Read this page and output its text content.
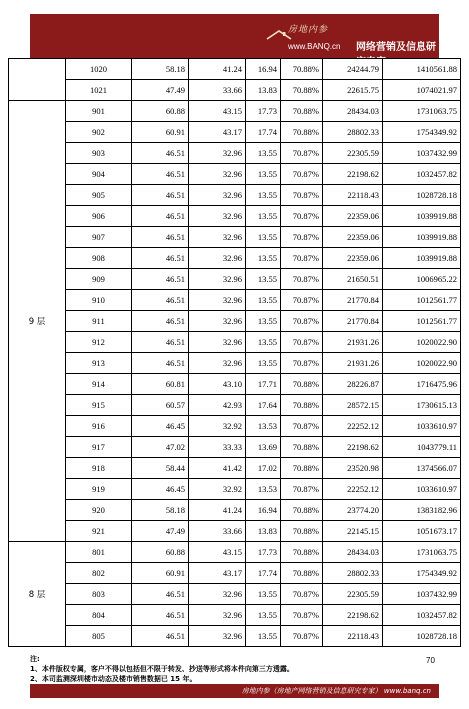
房地内参
www.BANQ.cn 网络营销及信息研究专家
	1020	58.18	41.24	16.94	70.88%	24244.79	1410561.88
	1021	47.49	33.66	13.83	70.88%	22615.75	1074021.97
9 层	901	60.88	43.15	17.73	70.88%	28434.03	1731063.75
	902	60.91	43.17	17.74	70.88%	28802.33	1754349.92
	903	46.51	32.96	13.55	70.87%	22305.59	1037432.99
	904	46.51	32.96	13.55	70.87%	22198.62	1032457.82
	905	46.51	32.96	13.55	70.87%	22118.43	1028728.18
	906	46.51	32.96	13.55	70.87%	22359.06	1039919.88
	907	46.51	32.96	13.55	70.87%	22359.06	1039919.88
	908	46.51	32.96	13.55	70.87%	22359.06	1039919.88
	909	46.51	32.96	13.55	70.87%	21650.51	1006965.22
	910	46.51	32.96	13.55	70.87%	21770.84	1012561.77
	911	46.51	32.96	13.55	70.87%	21770.84	1012561.77
	912	46.51	32.96	13.55	70.87%	21931.26	1020022.90
	913	46.51	32.96	13.55	70.87%	21931.26	1020022.90
	914	60.81	43.10	17.71	70.88%	28226.87	1716475.96
	915	60.57	42.93	17.64	70.88%	28572.15	1730615.13
	916	46.45	32.92	13.53	70.87%	22252.12	1033610.97
	917	47.02	33.33	13.69	70.88%	22198.62	1043779.11
	918	58.44	41.42	17.02	70.88%	23520.98	1374566.07
	919	46.45	32.92	13.53	70.87%	22252.12	1033610.97
	920	58.18	41.24	16.94	70.88%	23774.20	1383182.96
	921	47.49	33.66	13.83	70.88%	22145.15	1051673.17
8 层	801	60.88	43.15	17.73	70.88%	28434.03	1731063.75
	802	60.91	43.17	17.74	70.88%	28802.33	1754349.92
	803	46.51	32.96	13.55	70.87%	22305.59	1037432.99
	804	46.51	32.96	13.55	70.87%	22198.62	1032457.82
	805	46.51	32.96	13.55	70.87%	22118.43	1028728.18
注:
1、本件版权专属，客户不得以包括但不限于转发、抄送等形式将本件向第三方透露。
2、本司监测深圳楼市动态及楼市销售数据已 15 年。
70
房地内参（房地产网络营销及信息研究专家） www.banq.cn
